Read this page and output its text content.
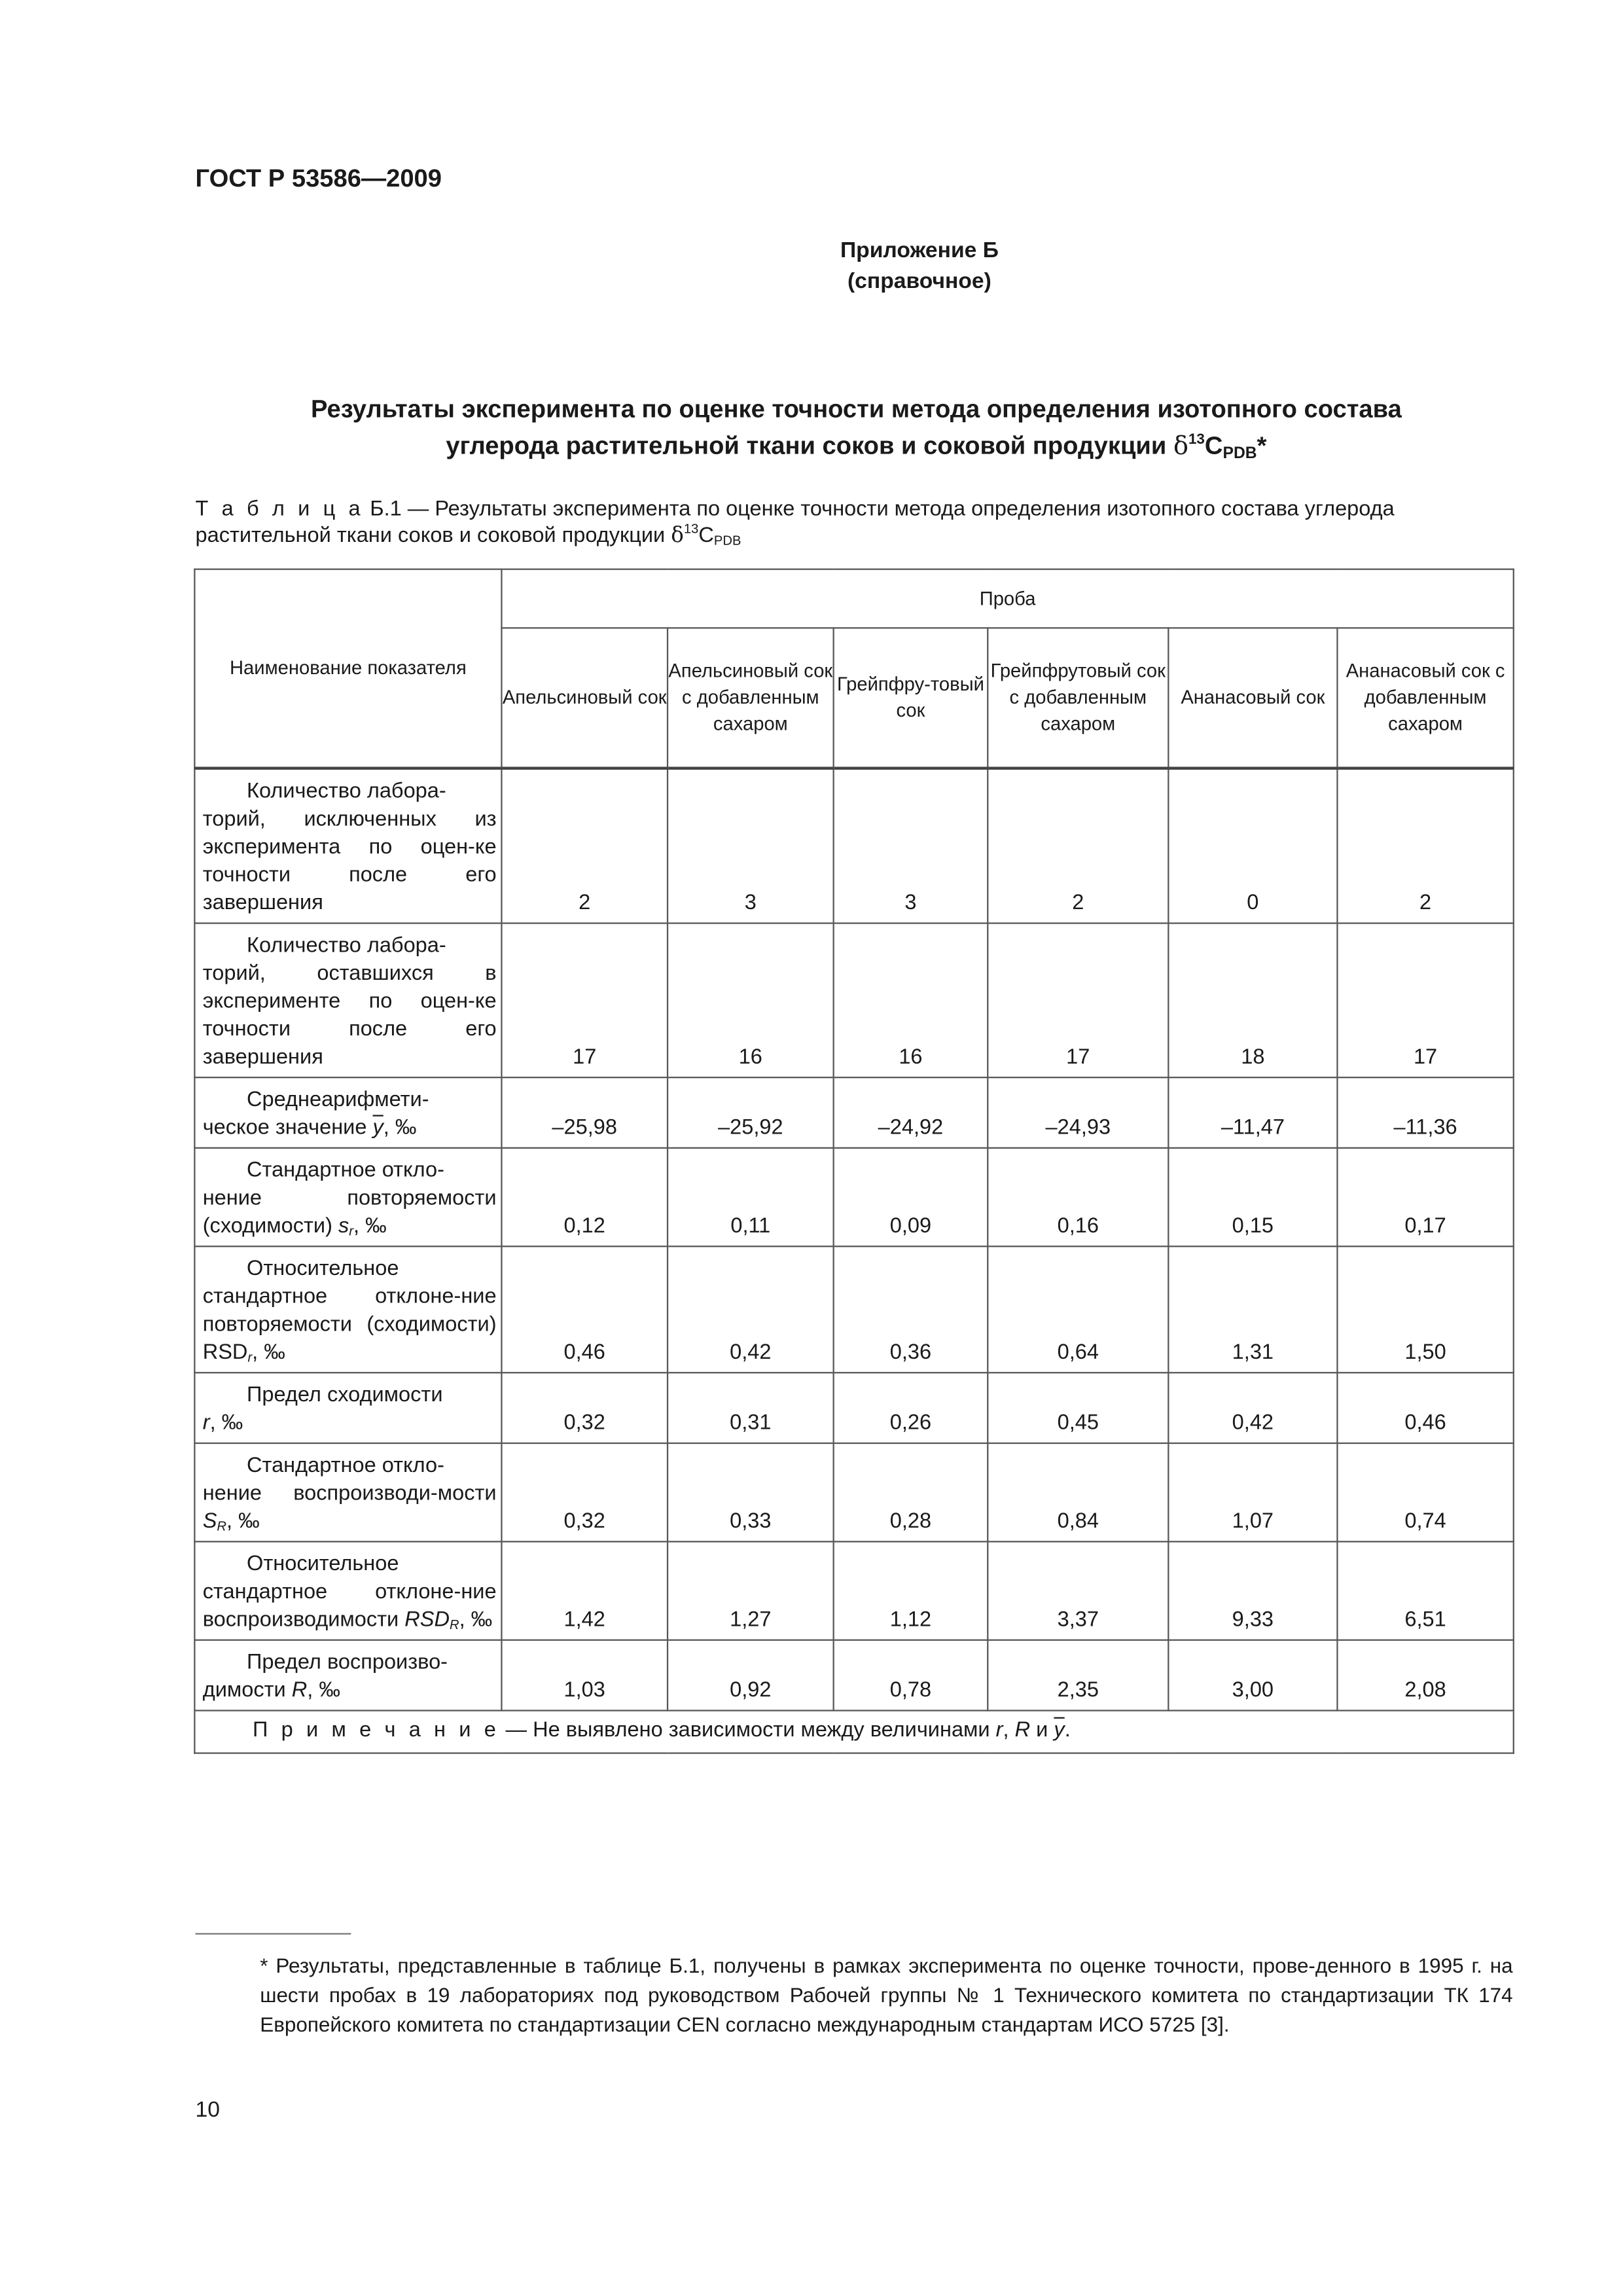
ГОСТ Р 53586—2009
Приложение Б
(справочное)
Результаты эксперимента по оценке точности метода определения изотопного состава
углерода растительной ткани соков и соковой продукции $\delta^{13}CPDB*$
Т а б л и ц а Б.1 — Результаты эксперимента по оценке точности метода определения изотопного состава углерода растительной ткани соков и соковой продукции $\delta^{13}C_{PDB}$
Наименование показателя	Проба					
	Апельсиновый сок	Апельсиновый сок с добавленным сахаром	Грейпфру-товый сок	Грейпфрутовый сок с добавленным сахаром	Ананасовый сок	Ананасовый сок с добавленным сахаром

Количество лабора-
торий, исключенных из эксперимента по оцен-ке точности после его завершения	2	3	3	2	0	2

Количество лабора-
торий, оставшихся в эксперименте по оцен-ке точности после его завершения	17	16	16	17	18	17

Среднеарифмети-
ческое значение $\overline{y}$, ‰	–25,98	–25,92	–24,92	–24,93	–11,47	–11,36

Стандартное откло-
нение повторяемости (сходимости) $s_r$, ‰	0,12	0,11	0,09	0,16	0,15	0,17

Относительное
стандартное отклоне-ние повторяемости (сходимости) $RSD_r$, ‰	0,46	0,42	0,36	0,64	1,31	1,50

Предел сходимости
r, ‰	0,32	0,31	0,26	0,45	0,42	0,46

Стандартное откло-
нение воспроизводи-мости $S_R$, ‰	0,32	0,33	0,28	0,84	1,07	0,74

Относительное
стандартное отклоне-ние воспроизводимости $RSD_R$, ‰	1,42	1,27	1,12	3,37	9,33	6,51

Предел воспроизво-
димости R, ‰	1,03	0,92	0,78	2,35	3,00	2,08
П р и м е ч а н и е — Не выявлено зависимости между величинами r, R и $\overline{y}$.						
* Результаты, представленные в таблице Б.1, получены в рамках эксперимента по оценке точности, прове-денного в 1995 г. на шести пробах в 19 лабораториях под руководством Рабочей группы № 1 Технического комитета по стандартизации ТК 174 Европейского комитета по стандартизации CEN согласно международным стандартам ИСО 5725 [3].
10
